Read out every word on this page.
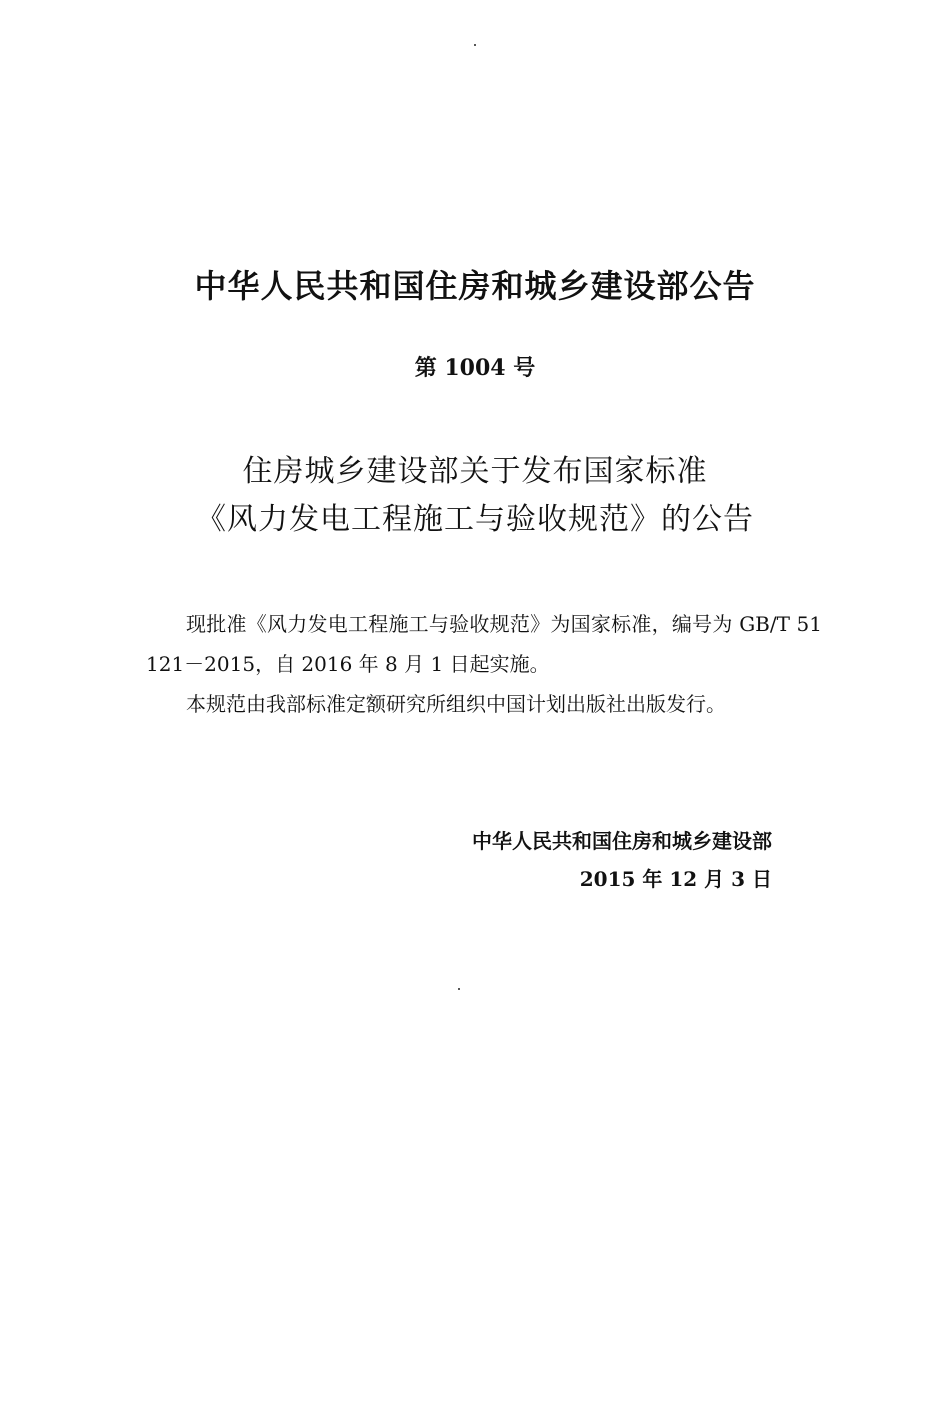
中华人民共和国住房和城乡建设部公告
第 1004 号
住房城乡建设部关于发布国家标准
《风力发电工程施工与验收规范》的公告

现批准《风力发电工程施工与验收规范》为国家标准，编号为 GB/T 51121－2015，自 2016 年 8 月 1 日起实施。

本规范由我部标准定额研究所组织中国计划出版社出版发行。

中华人民共和国住房和城乡建设部
2015 年 12 月 3 日
